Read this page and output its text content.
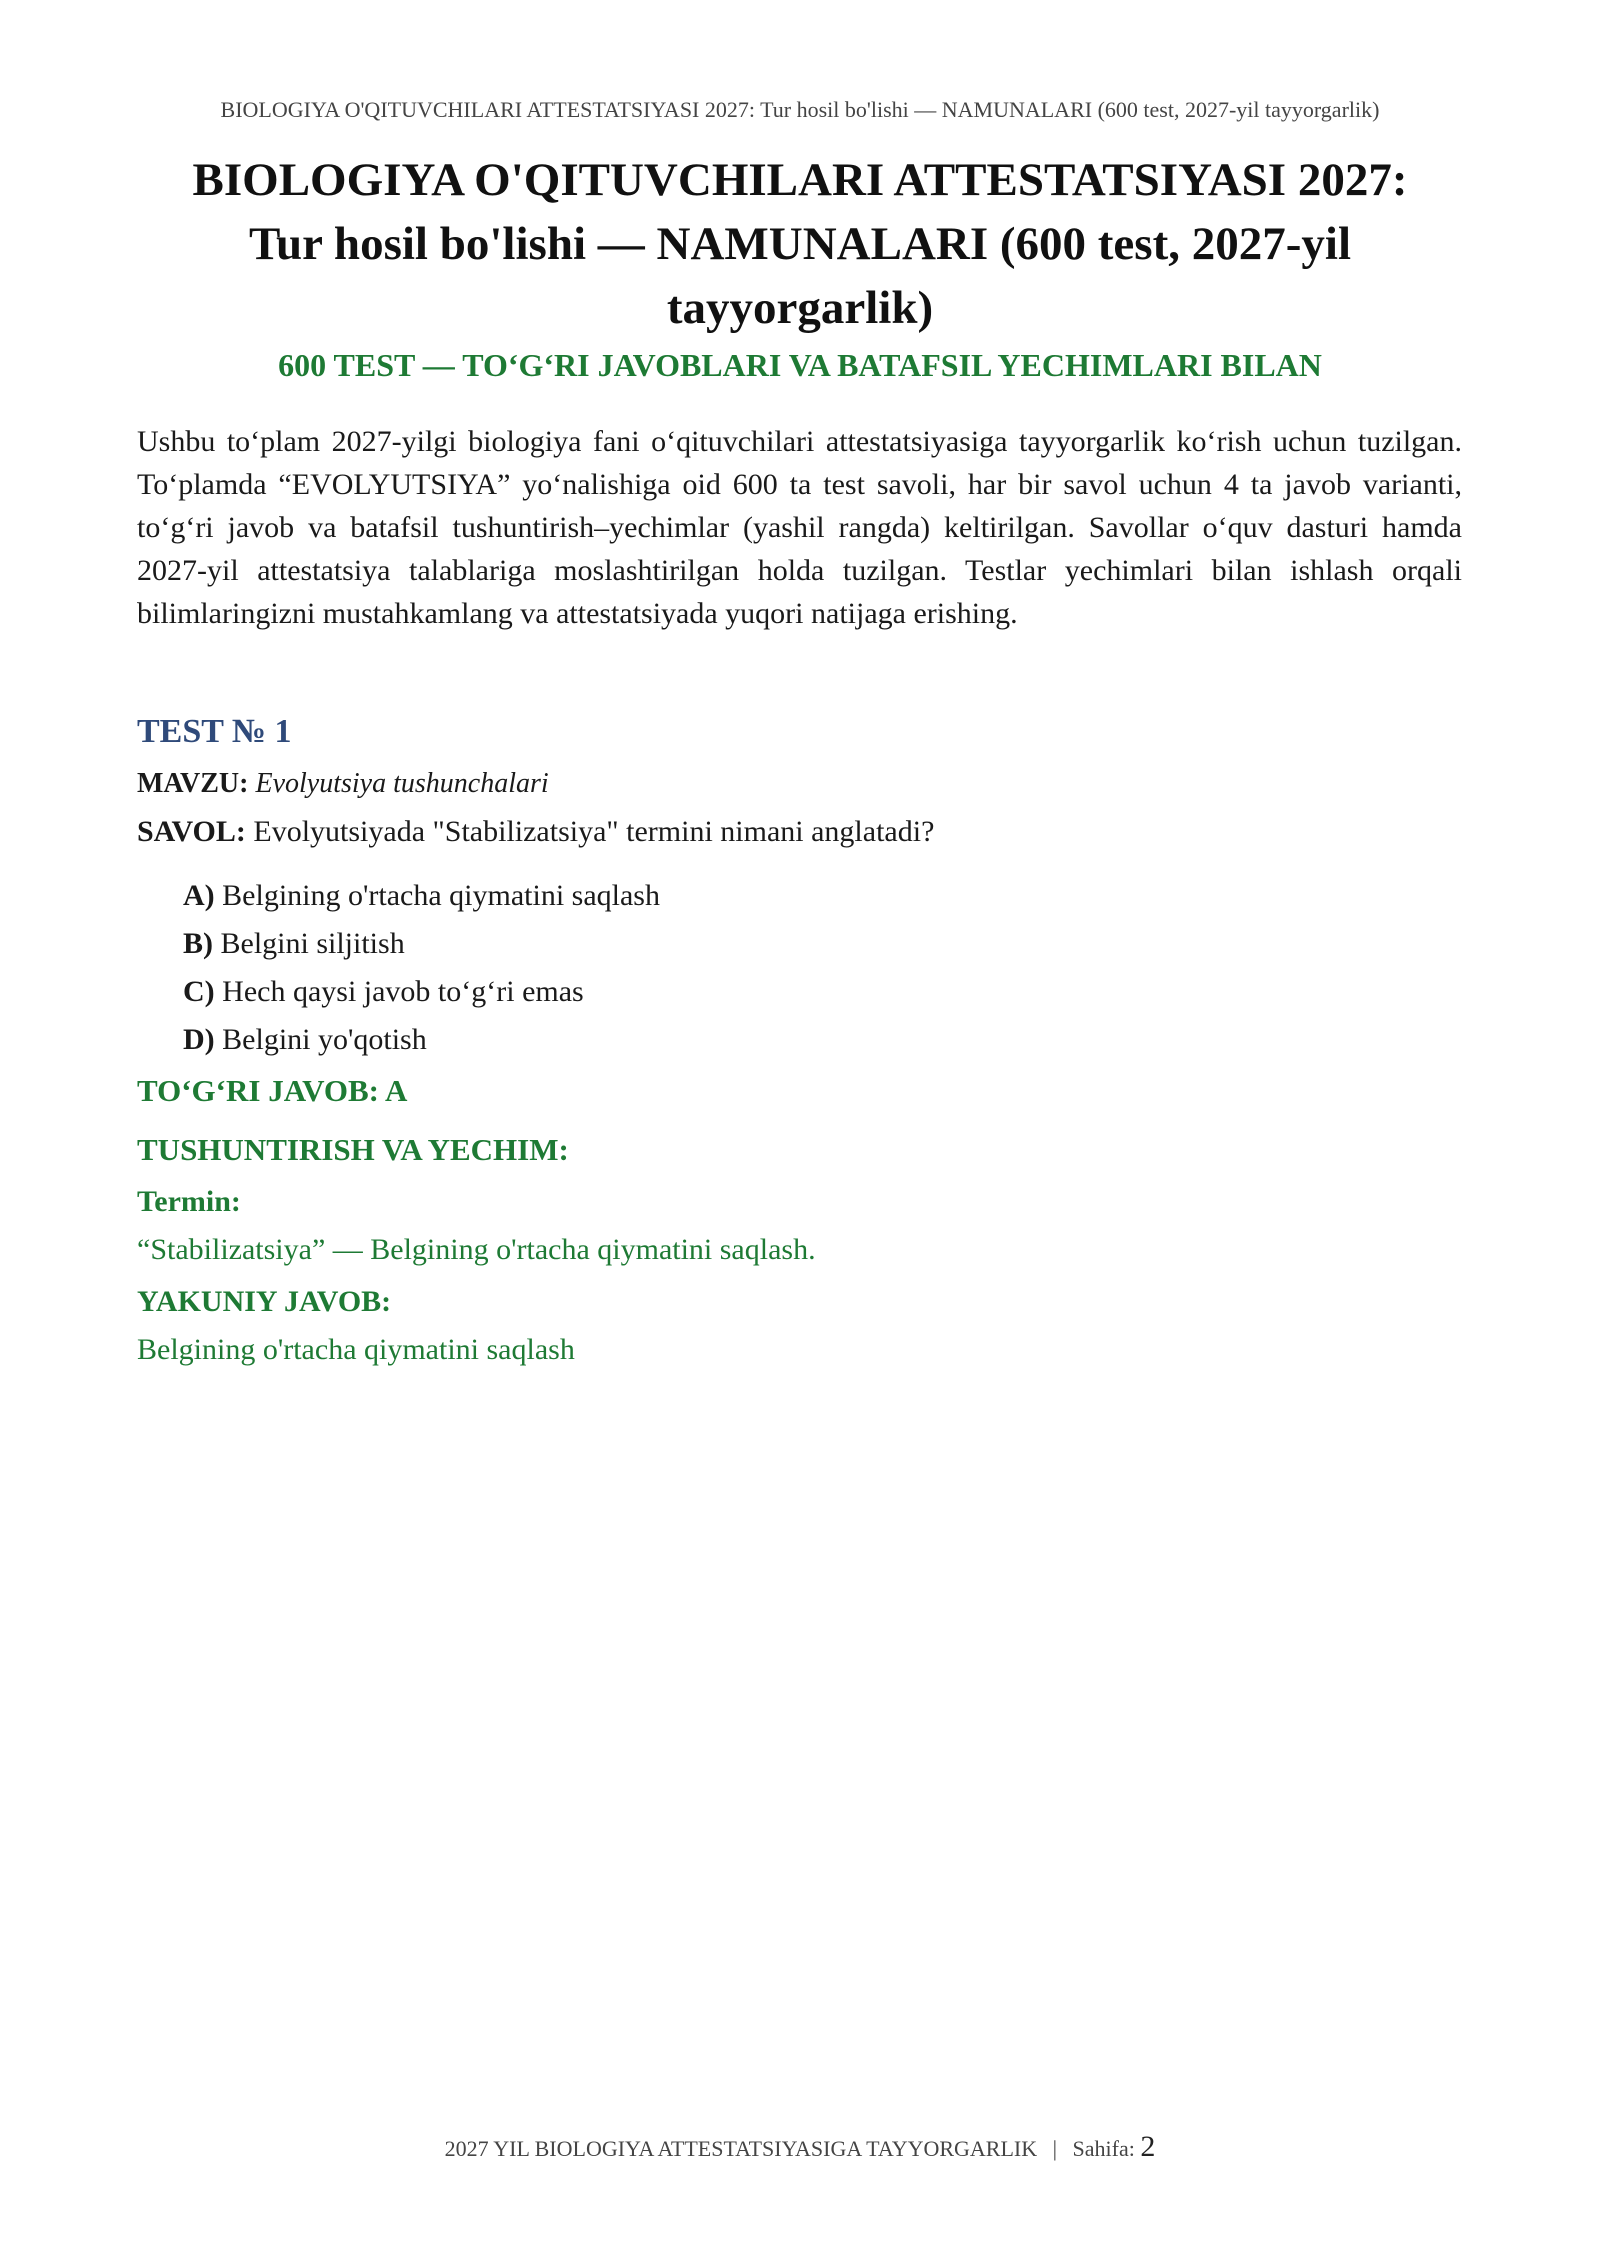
BIOLOGIYA O'QITUVCHILARI ATTESTATSIYASI 2027: Tur hosil bo'lishi — NAMUNALARI (600 test, 2027-yil tayyorgarlik)
BIOLOGIYA O'QITUVCHILARI ATTESTATSIYASI 2027:
Tur hosil bo'lishi — NAMUNALARI (600 test, 2027-yil
tayyorgarlik)
600 TEST — TO‘G‘RI JAVOBLARI VA BATAFSIL YECHIMLARI BILAN
Ushbu to‘plam 2027-yilgi biologiya fani o‘qituvchilari attestatsiyasiga tayyorgarlik ko‘rish uchun tuzilgan. To‘plamda “EVOLYUTSIYA” yo‘nalishiga oid 600 ta test savoli, har bir savol uchun 4 ta javob varianti, to‘g‘ri javob va batafsil tushuntirish–yechimlar (yashil rangda) keltirilgan. Savollar o‘quv dasturi hamda 2027-yil attestatsiya talablariga moslashtirilgan holda tuzilgan. Testlar yechimlari bilan ishlash orqali bilimlaringizni mustahkamlang va attestatsiyada yuqori natijaga erishing.
TEST № 1
MAVZU: Evolyutsiya tushunchalari
SAVOL: Evolyutsiyada "Stabilizatsiya" termini nimani anglatadi?
A) Belgining o'rtacha qiymatini saqlash
B) Belgini siljitish
C) Hech qaysi javob to‘g‘ri emas
D) Belgini yo'qotish
TO‘G‘RI JAVOB: A
TUSHUNTIRISH VA YECHIM:
Termin:
“Stabilizatsiya” — Belgining o'rtacha qiymatini saqlash.
YAKUNIY JAVOB:
Belgining o'rtacha qiymatini saqlash
2027 YIL BIOLOGIYA ATTESTATSIYASIGA TAYYORGARLIK | Sahifa: 2
